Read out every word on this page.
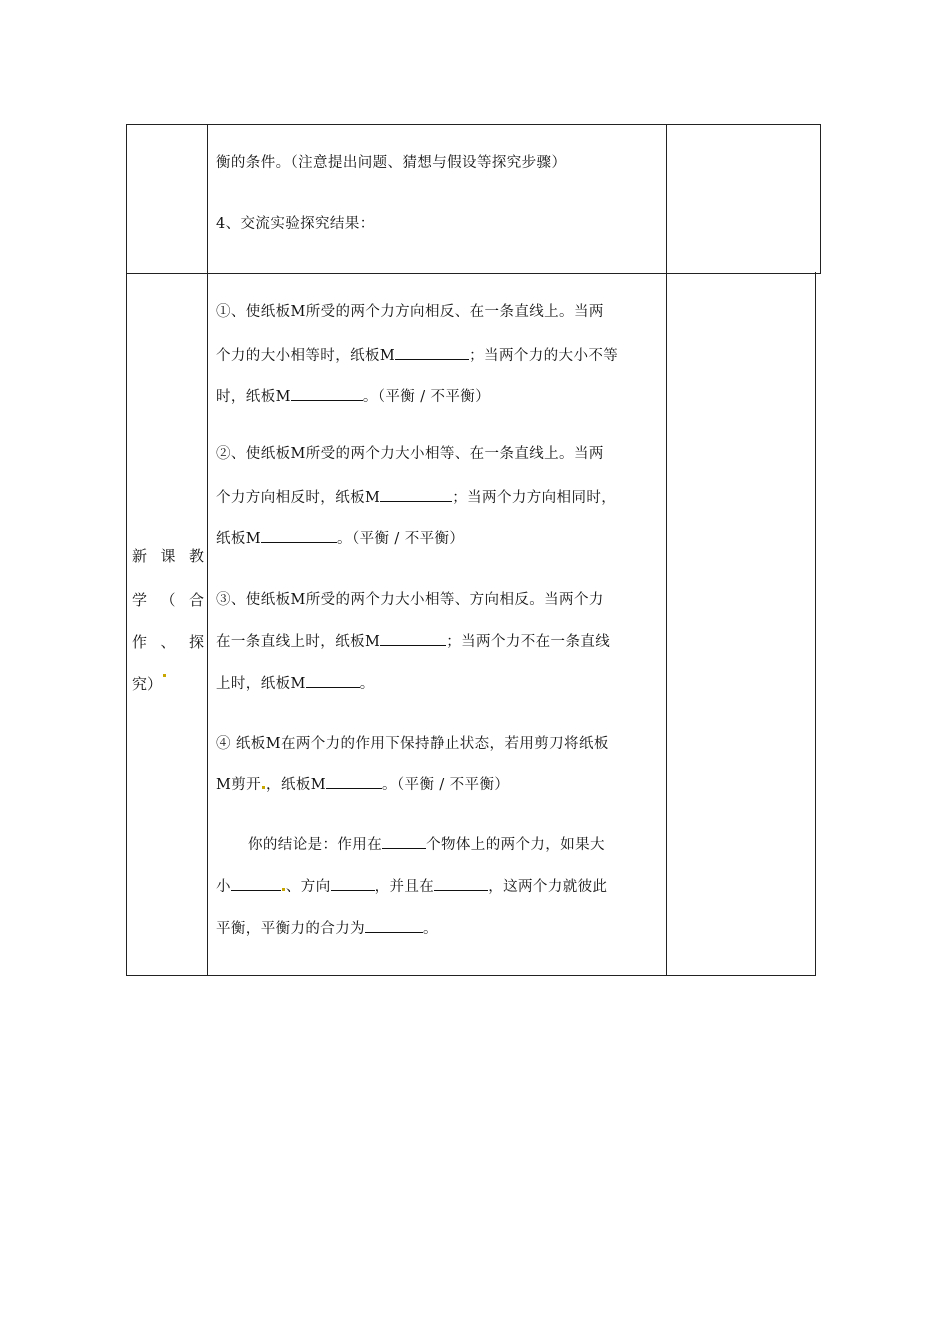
衡的条件。（注意提出问题、猜想与假设等探究步骤）
4、交流实验探究结果：
新 课 教
学 （ 合
作 、 探
究）
①、使纸板M所受的两个力方向相反、在一条直线上。当两
个力的大小相等时，纸板M	；当两个力的大小不等
时，纸板M	。（平衡 / 不平衡）
②、使纸板M所受的两个力大小相等、在一条直线上。当两
个力方向相反时，纸板M	；当两个力方向相同时，
纸板M	。（平衡 / 不平衡）
③、使纸板M所受的两个力大小相等、方向相反。当两个力
在一条直线上时，纸板M	；当两个力不在一条直线
上时，纸板M	。
④ 纸板M在两个力的作用下保持静止状态，若用剪刀将纸板
M剪开 ，纸板M	。（平衡 / 不平衡）
你的结论是：作用在	个物体上的两个力，如果大
小	、方向	，并且在	，这两个力就彼此
平衡，平衡力的合力为	。
